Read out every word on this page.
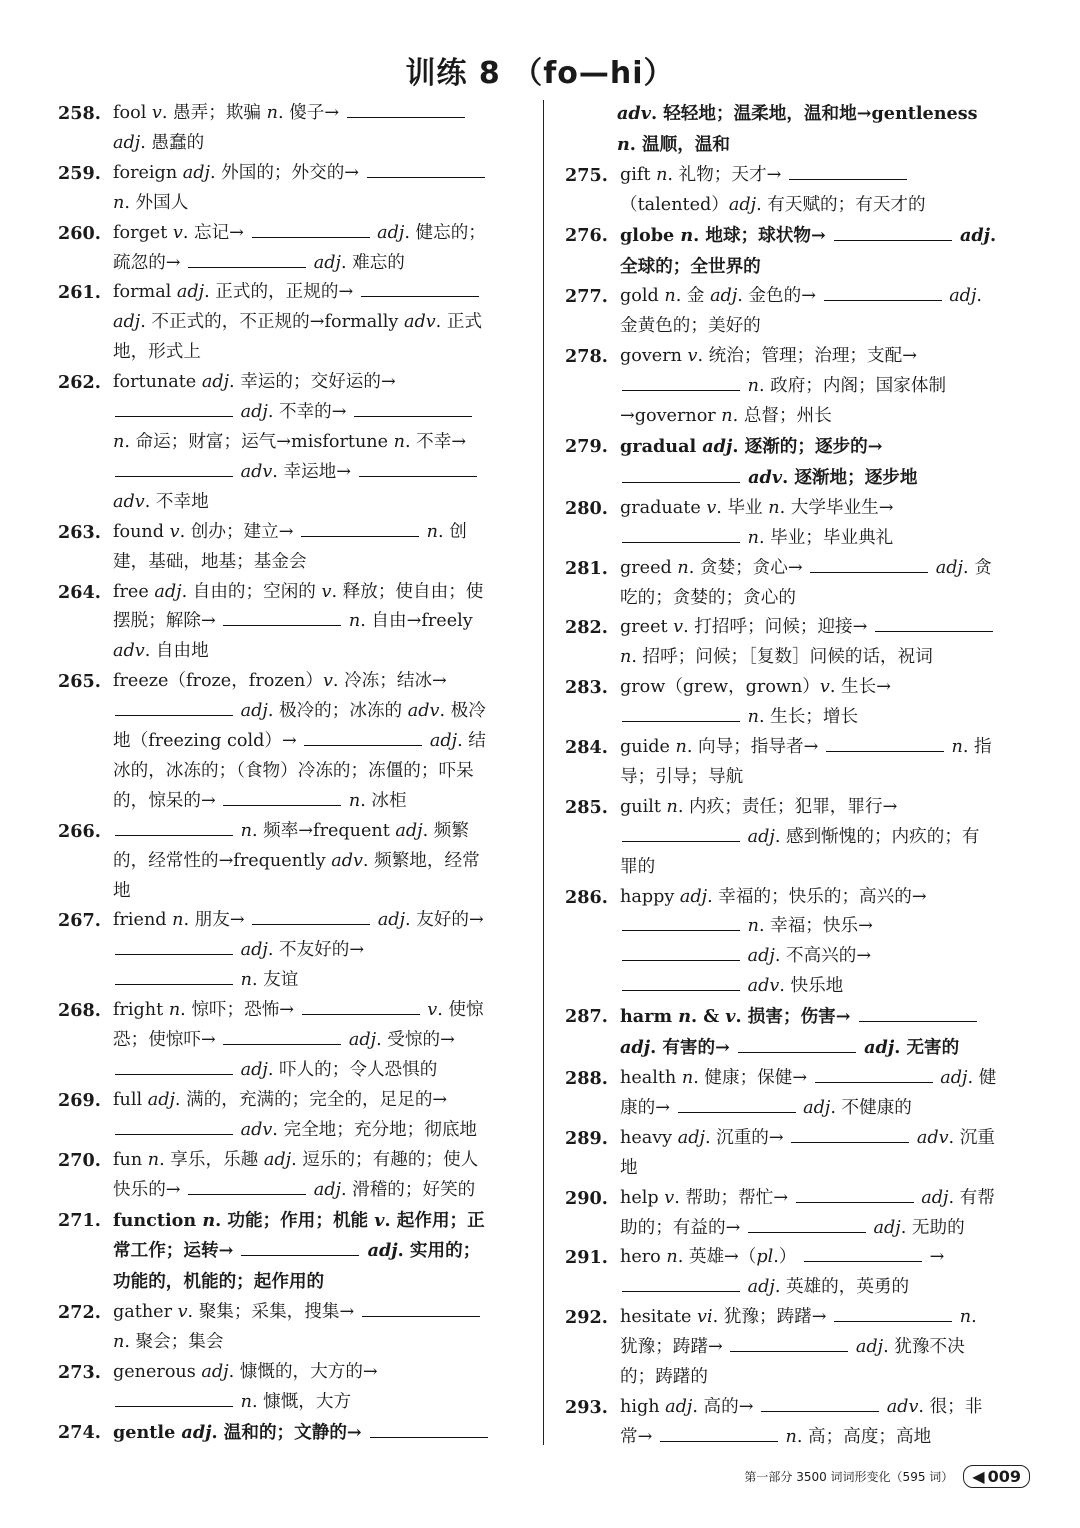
训练 8 （fo—hi）
258. fool v. 愚弄；欺骗 n. 傻子→  adj. 愚蠢的
259. foreign adj. 外国的；外交的→  n. 外国人
260. forget v. 忘记→	adj. 健忘的；疏忽的→	adj. 难忘的
261. formal adj. 正式的，正规的→  adj. 不正式的，不正规的→formally adv. 正式地，形式上
262. fortunate adj. 幸运的；交好运的→  adj. 不幸的→  n. 命运；财富；运气→misfortune n. 不幸→  adv. 幸运地→  adv. 不幸地
263. found v. 创办；建立→	n. 创建，基础，地基；基金会
264. free adj. 自由的；空闲的 v. 释放；使自由；使摆脱；解除→	n. 自由→freely adv. 自由地
265. freeze（froze，frozen）v. 冷冻；结冰→  adj. 极冷的；冰冻的 adv. 极冷地（freezing cold）→	adj. 结冰的，冰冻的；（食物）冷冻的；冻僵的；吓呆的，惊呆的→	n. 冰柜
266.	n. 频率→frequent adj. 频繁的，经常性的→frequently adv. 频繁地，经常地
267. friend n. 朋友→	adj. 友好的→  adj. 不友好的→  n. 友谊
268. fright n. 惊吓；恐怖→	v. 使惊恐；使惊吓→	adj. 受惊的→  adj. 吓人的；令人恐惧的
269. full adj. 满的，充满的；完全的，足足的→  adv. 完全地；充分地；彻底地
270. fun n. 享乐，乐趣 adj. 逗乐的；有趣的；使人快乐的→	adj. 滑稽的；好笑的
271. function n. 功能；作用；机能 v. 起作用；正常工作；运转→	adj. 实用的；功能的，机能的；起作用的
272. gather v. 聚集；采集，搜集→  n. 聚会；集会
273. generous adj. 慷慨的，大方的→  n. 慷慨，大方
274. gentle adj. 温和的；文静的→
adv. 轻轻地；温柔地，温和地→gentleness n. 温顺，温和
275. gift n. 礼物；天才→ （talented）adj. 有天赋的；有天才的
276. globe n. 地球；球状物→	adj. 全球的；全世界的
277. gold n. 金 adj. 金色的→	adj. 金黄色的；美好的
278. govern v. 统治；管理；治理；支配→  n. 政府；内阁；国家体制→governor n. 总督；州长
279. gradual adj. 逐渐的；逐步的→  adv. 逐渐地；逐步地
280. graduate v. 毕业 n. 大学毕业生→  n. 毕业；毕业典礼
281. greed n. 贪婪；贪心→	adj. 贪吃的；贪婪的；贪心的
282. greet v. 打招呼；问候；迎接→  n. 招呼；问候；［复数］问候的话，祝词
283. grow（grew，grown）v. 生长→  n. 生长；增长
284. guide n. 向导；指导者→	n. 指导；引导；导航
285. guilt n. 内疚；责任；犯罪，罪行→  adj. 感到惭愧的；内疚的；有罪的
286. happy adj. 幸福的；快乐的；高兴的→  n. 幸福；快乐→  adj. 不高兴的→  adv. 快乐地
287. harm n. & v. 损害；伤害→  adj. 有害的→	adj. 无害的
288. health n. 健康；保健→	adj. 健康的→	adj. 不健康的
289. heavy adj. 沉重的→	adv. 沉重地
290. help v. 帮助；帮忙→	adj. 有帮助的；有益的→	adj. 无助的
291. hero n. 英雄→（pl.）	→  adj. 英雄的，英勇的
292. hesitate vi. 犹豫；踌躇→	n. 犹豫；踌躇→	adj. 犹豫不决的；踌躇的
293. high adj. 高的→	adv. 很；非常→	n. 高；高度；高地
第一部分 3500 词词形变化（595 词） ◀ 009
